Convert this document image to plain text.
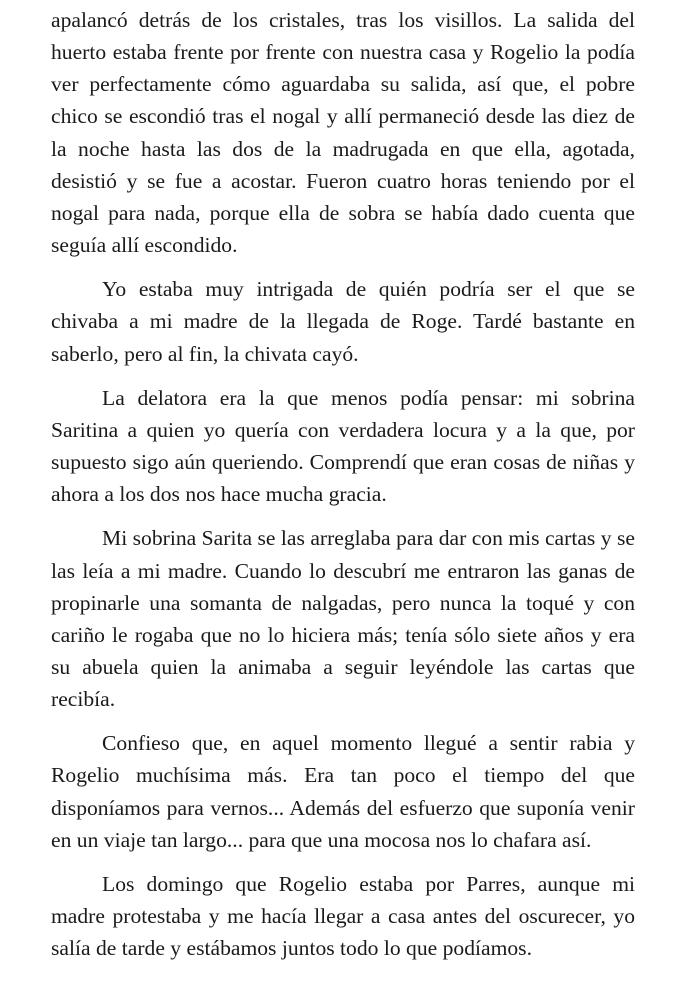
apalancó detrás de los cristales, tras los visillos. La salida del huerto estaba frente por frente con nuestra casa y Rogelio la podía ver perfectamente cómo aguardaba su salida, así que, el pobre chico se escondió tras el nogal y allí permaneció desde las diez de la noche hasta las dos de la madrugada en que ella, agotada, desistió y se fue a acostar. Fueron cuatro horas teniendo por el nogal para nada, porque ella de sobra se había dado cuenta que seguía allí escondido.

Yo estaba muy intrigada de quién podría ser el que se chivaba a mi madre de la llegada de Roge. Tardé bastante en saberlo, pero al fin, la chivata cayó.

La delatora era la que menos podía pensar: mi sobrina Saritina a quien yo quería con verdadera locura y a la que, por supuesto sigo aún queriendo. Comprendí que eran cosas de niñas y ahora a los dos nos hace mucha gracia.

Mi sobrina Sarita se las arreglaba para dar con mis cartas y se las leía a mi madre. Cuando lo descubrí me entraron las ganas de propinarle una somanta de nalgadas, pero nunca la toqué y con cariño le rogaba que no lo hiciera más; tenía sólo siete años y era su abuela quien la animaba a seguir leyéndole las cartas que recibía.

Confieso que, en aquel momento llegué a sentir rabia y Rogelio muchísima más. Era tan poco el tiempo del que disponíamos para vernos... Además del esfuerzo que suponía venir en un viaje tan largo... para que una mocosa nos lo chafara así.

Los domingo que Rogelio estaba por Parres, aunque mi madre protestaba y me hacía llegar a casa antes del oscurecer, yo salía de tarde y estábamos juntos todo lo que podíamos.
